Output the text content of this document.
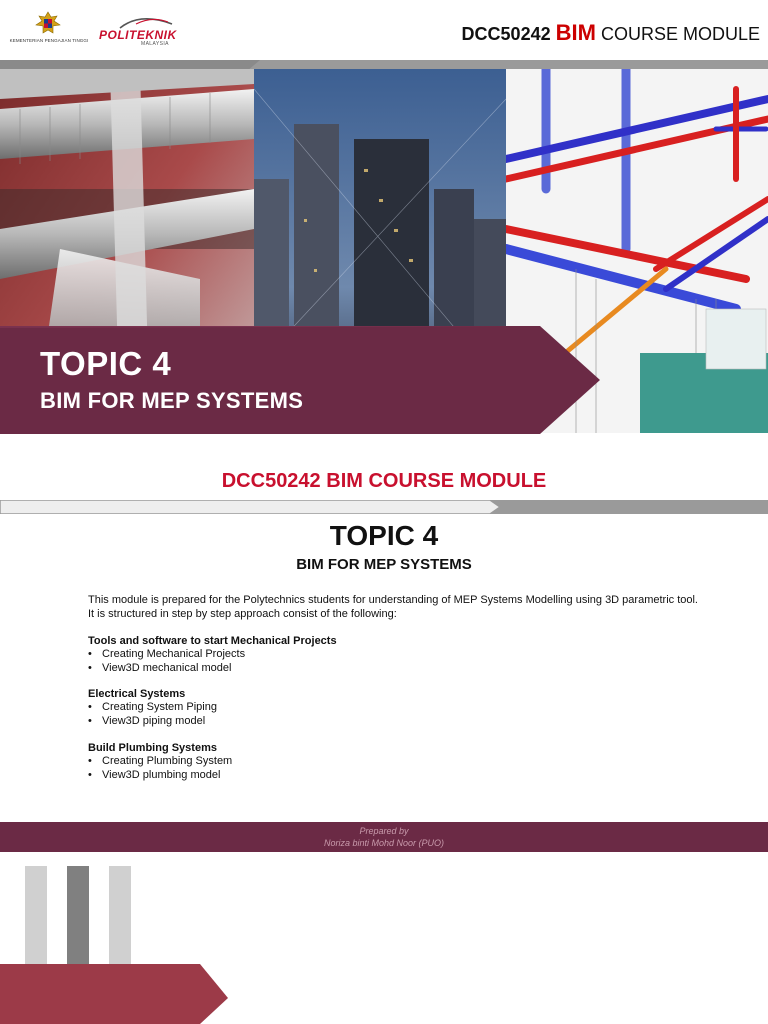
KEMENTERIAN PENGAJIAN TINGGI POLITEKNIK
MALAYSIA	DCC50242 BIM COURSE MODULE
TOPIC 4
BIM FOR MEP SYSTEMS
DCC50242 BIM COURSE MODULE
TOPIC 4
BIM FOR MEP SYSTEMS
This module is prepared for the Polytechnics students for understanding of MEP Systems Modelling using 3D parametric tool. It is structured in step by step approach consist of the following:
Tools and software to start Mechanical Projects
• Creating Mechanical Projects
• View3D mechanical model
Electrical Systems
• Creating System Piping
• View3D piping model
Build Plumbing Systems
• Creating Plumbing System
• View3D plumbing model
Prepared by
Noriza binti Mohd Noor (PUO)
